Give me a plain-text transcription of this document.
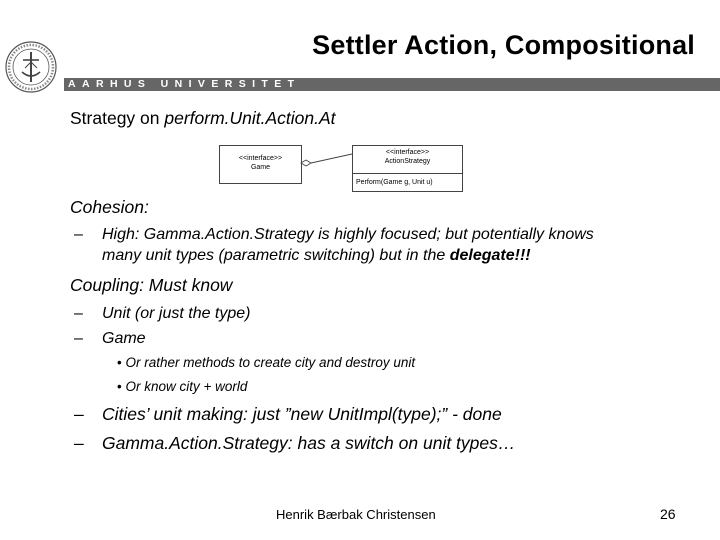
Settler Action, Compositional
AARHUS UNIVERSITET
Strategy on perform.Unit.Action.At
<<interface>>
Game
<<interface>>
ActionStrategy
Perform(Game g, Unit u)
Cohesion:
– High: Gamma.Action.Strategy is highly focused; but potentially knows
many unit types (parametric switching) but in the delegate!!!
Coupling: Must know
– Unit (or just the type)
– Game
• Or rather methods to create city and destroy unit
• Or know city + world
– Cities’ unit making: just ”new UnitImpl(type);” - done
– Gamma.Action.Strategy: has a switch on unit types…
Henrik Bærbak Christensen	26
